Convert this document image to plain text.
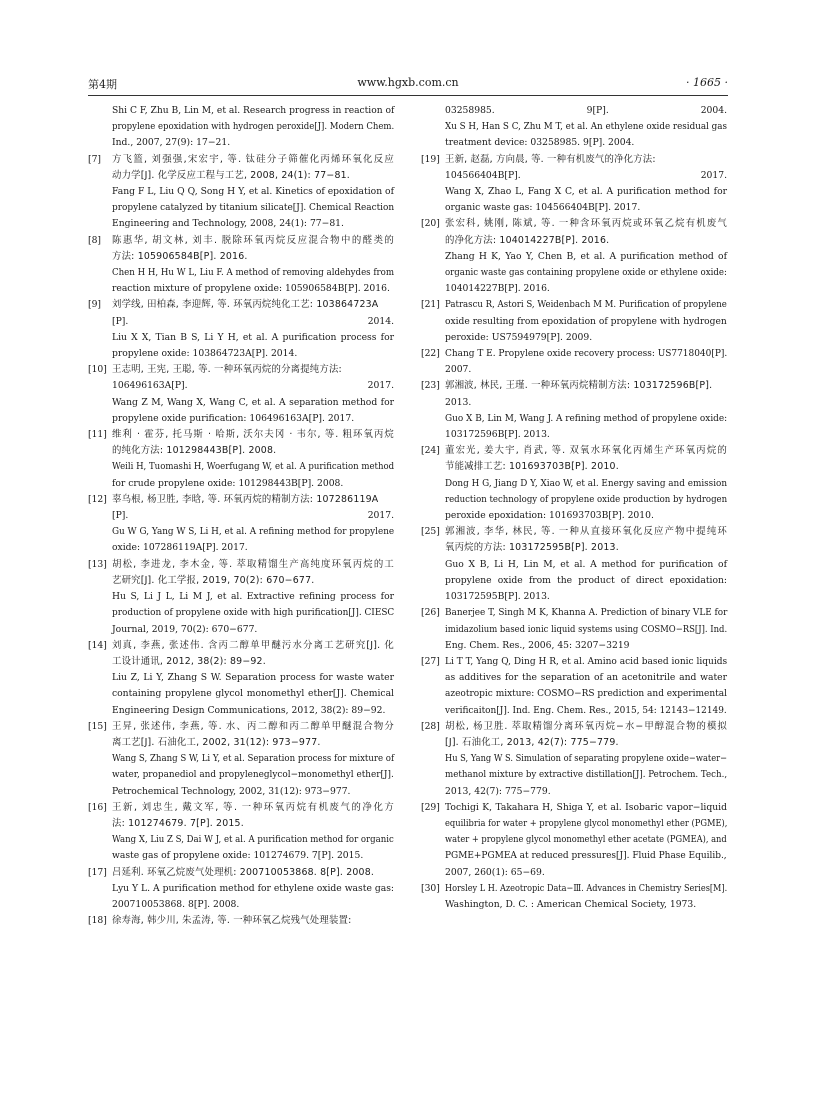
第4期	www.hgxb.com.cn	· 1665 ·
Shi C F, Zhu B, Lin M, et al. Research progress in reaction of
propylene epoxidation with hydrogen peroxide[J]. Modern Chem.
Ind., 2007, 27(9): 17−21.
[7] 方飞篮, 刘强强,宋宏宇, 等. 钛硅分子筛催化丙烯环氧化反应
动力学[J]. 化学反应工程与工艺, 2008, 24(1): 77−81.
Fang F L, Liu Q Q, Song H Y, et al. Kinetics of epoxidation of
propylene catalyzed by titanium silicate[J]. Chemical Reaction
Engineering and Technology, 2008, 24(1): 77−81.
[8] 陈惠华, 胡文林, 刘丰. 脱除环氧丙烷反应混合物中的醛类的
方法: 105906584B[P]. 2016.
Chen H H, Hu W L, Liu F. A method of removing aldehydes from
reaction mixture of propylene oxide: 105906584B[P]. 2016.
[9] 刘学线, 田柏森, 李迎辉, 等. 环氧丙烷纯化工艺: 103864723A
[P]. 2014.
Liu X X, Tian B S, Li Y H, et al. A purification process for
propylene oxide: 103864723A[P]. 2014.
[10] 王志明, 王宪, 王聪, 等. 一种环氧丙烷的分离提纯方法:
106496163A[P]. 2017.
Wang Z M, Wang X, Wang C, et al. A separation method for
propylene oxide purification: 106496163A[P]. 2017.
[11] 维利 · 霍芬, 托马斯 · 哈斯, 沃尔夫冈 · 韦尔, 等. 粗环氧丙烷
的纯化方法: 101298443B[P]. 2008.
Weili H, Tuomashi H, Woerfugang W, et al. A purification method
for crude propylene oxide: 101298443B[P]. 2008.
[12] 辜乌根, 杨卫胜, 李晗, 等. 环氧丙烷的精制方法: 107286119A
[P]. 2017.
Gu W G, Yang W S, Li H, et al. A refining method for propylene
oxide: 107286119A[P]. 2017.
[13] 胡松, 李进龙, 李木金, 等. 萃取精馏生产高纯度环氧丙烷的工
艺研究[J]. 化工学报, 2019, 70(2): 670−677.
Hu S, Li J L, Li M J, et al. Extractive refining process for
production of propylene oxide with high purification[J]. CIESC
Journal, 2019, 70(2): 670−677.
[14] 刘真, 李燕, 张述伟. 含丙二醇单甲醚污水分离工艺研究[J]. 化
工设计通讯, 2012, 38(2): 89−92.
Liu Z, Li Y, Zhang S W. Separation process for waste water
containing propylene glycol monomethyl ether[J]. Chemical
Engineering Design Communications, 2012, 38(2): 89−92.
[15] 王昇, 张述伟, 李燕, 等. 水、丙二醇和丙二醇单甲醚混合物分
离工艺[J]. 石油化工, 2002, 31(12): 973−977.
Wang S, Zhang S W, Li Y, et al. Separation process for mixture of
water, propanediol and propyleneglycol−monomethyl ether[J].
Petrochemical Technology, 2002, 31(12): 973−977.
[16] 王新, 刘忠生, 戴文军, 等. 一种环氧丙烷有机废气的净化方
法: 101274679. 7[P]. 2015.
Wang X, Liu Z S, Dai W J, et al. A purification method for organic
waste gas of propylene oxide: 101274679. 7[P]. 2015.
[17] 吕延利. 环氧乙烷废气处理机: 200710053868. 8[P]. 2008.
Lyu Y L. A purification method for ethylene oxide waste gas:
200710053868. 8[P]. 2008.
[18] 徐寿海, 韩少川, 朱孟涛, 等. 一种环氧乙烷残气处理装置:
03258985. 9[P]. 2004.
Xu S H, Han S C, Zhu M T, et al. An ethylene oxide residual gas
treatment device: 03258985. 9[P]. 2004.
[19] 王新, 赵磊, 方向晨, 等. 一种有机废气的净化方法:
104566404B[P]. 2017.
Wang X, Zhao L, Fang X C, et al. A purification method for
organic waste gas: 104566404B[P]. 2017.
[20] 张宏科, 姚刚, 陈斌, 等. 一种含环氧丙烷或环氧乙烷有机废气
的净化方法: 104014227B[P]. 2016.
Zhang H K, Yao Y, Chen B, et al. A purification method of
organic waste gas containing propylene oxide or ethylene oxide:
104014227B[P]. 2016.
[21] Patrascu R, Astori S, Weidenbach M M. Purification of propylene
oxide resulting from epoxidation of propylene with hydrogen
peroxide: US7594979[P]. 2009.
[22] Chang T E. Propylene oxide recovery process: US7718040[P].
2007.
[23] 郭湘波, 林民, 王瑾. 一种环氧丙烷精制方法: 103172596B[P].
2013.
Guo X B, Lin M, Wang J. A refining method of propylene oxide:
103172596B[P]. 2013.
[24] 董宏光, 姜大宇, 肖武, 等. 双氧水环氧化丙烯生产环氧丙烷的
节能减排工艺: 101693703B[P]. 2010.
Dong H G, Jiang D Y, Xiao W, et al. Energy saving and emission
reduction technology of propylene oxide production by hydrogen
peroxide epoxidation: 101693703B[P]. 2010.
[25] 郭湘波, 李华, 林民, 等. 一种从直接环氧化反应产物中提纯环
氧丙烷的方法: 103172595B[P]. 2013.
Guo X B, Li H, Lin M, et al. A method for purification of
propylene oxide from the product of direct epoxidation:
103172595B[P]. 2013.
[26] Banerjee T, Singh M K, Khanna A. Prediction of binary VLE for
imidazolium based ionic liquid systems using COSMO−RS[J]. Ind.
Eng. Chem. Res., 2006, 45: 3207−3219
[27] Li T T, Yang Q, Ding H R, et al. Amino acid based ionic liquids
as additives for the separation of an acetonitrile and water
azeotropic mixture: COSMO−RS prediction and experimental
verificaiton[J]. Ind. Eng. Chem. Res., 2015, 54: 12143−12149.
[28] 胡松, 杨卫胜. 萃取精馏分离环氧丙烷−水−甲醇混合物的模拟
[J]. 石油化工, 2013, 42(7): 775−779.
Hu S, Yang W S. Simulation of separating propylene oxide−water−
methanol mixture by extractive distillation[J]. Petrochem. Tech.,
2013, 42(7): 775−779.
[29] Tochigi K, Takahara H, Shiga Y, et al. Isobaric vapor−liquid
equilibria for water + propylene glycol monomethyl ether (PGME),
water + propylene glycol monomethyl ether acetate (PGMEA), and
PGME+PGMEA at reduced pressures[J]. Fluid Phase Equilib.,
2007, 260(1): 65−69.
[30] Horsley L H. Azeotropic Data−Ⅲ. Advances in Chemistry Series[M].
Washington, D. C. : American Chemical Society, 1973.
